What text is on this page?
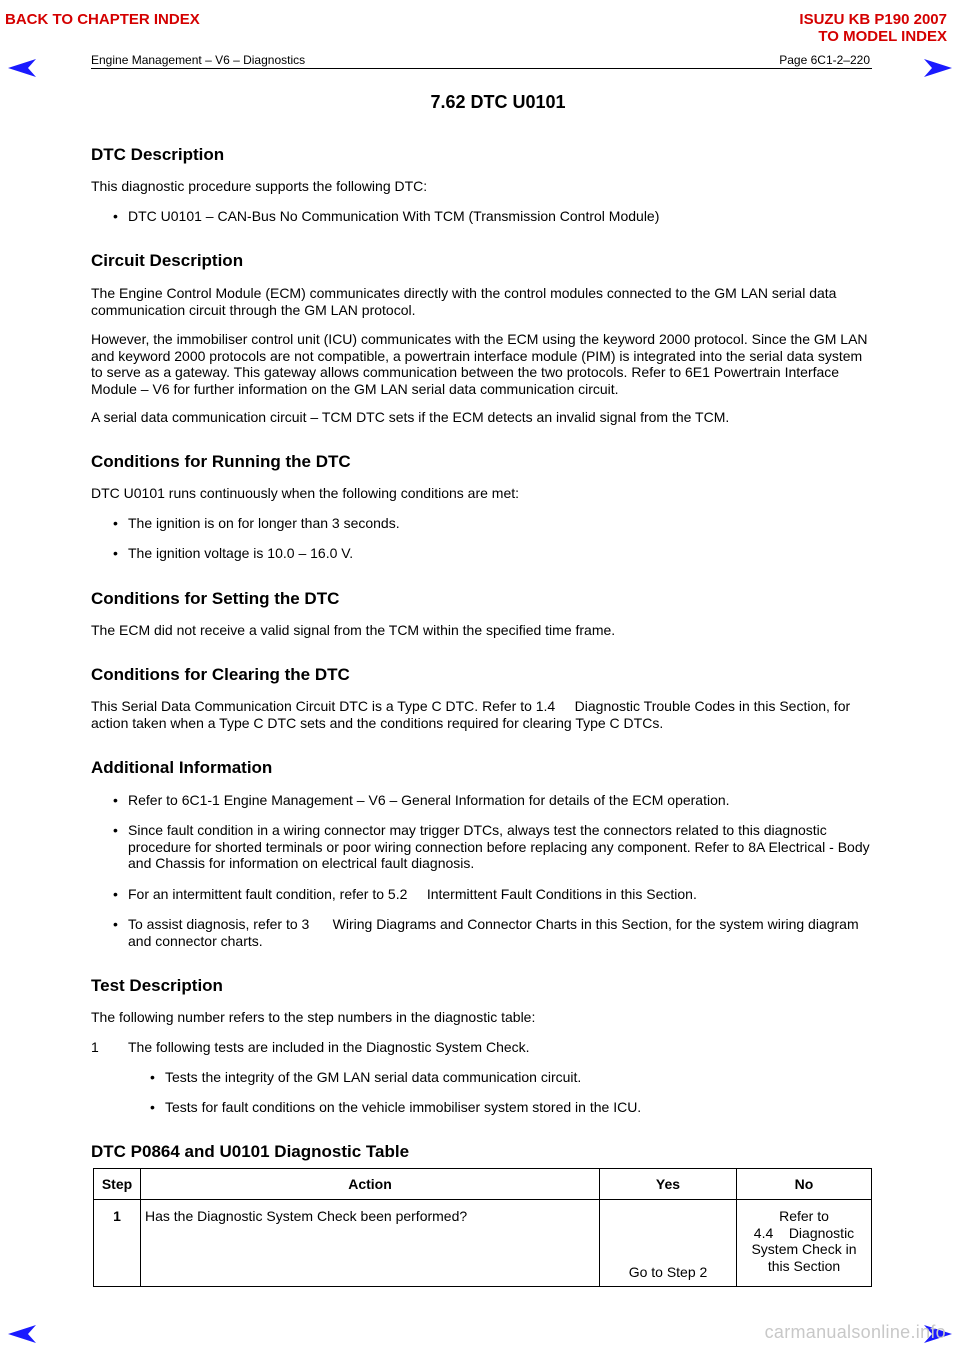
BACK TO CHAPTER INDEX	ISUZU KB P190 2007
TO MODEL INDEX
Engine Management – V6 – Diagnostics	Page 6C1-2–220
7.62 DTC U0101
DTC Description

This diagnostic procedure supports the following DTC:

• DTC U0101 – CAN-Bus No Communication With TCM (Transmission Control Module)

Circuit Description

The Engine Control Module (ECM) communicates directly with the control modules connected to the GM LAN serial data communication circuit through the GM LAN protocol.

However, the immobiliser control unit (ICU) communicates with the ECM using the keyword 2000 protocol. Since the GM LAN and keyword 2000 protocols are not compatible, a powertrain interface module (PIM) is integrated into the serial data system to serve as a gateway. This gateway allows communication between the two protocols. Refer to 6E1 Powertrain Interface Module – V6 for further information on the GM LAN serial data communication circuit.

A serial data communication circuit – TCM DTC sets if the ECM detects an invalid signal from the TCM.

Conditions for Running the DTC

DTC U0101 runs continuously when the following conditions are met:

• The ignition is on for longer than 3 seconds.

• The ignition voltage is 10.0 – 16.0 V.

Conditions for Setting the DTC

The ECM did not receive a valid signal from the TCM within the specified time frame.

Conditions for Clearing the DTC

This Serial Data Communication Circuit DTC is a Type C DTC. Refer to 1.4     Diagnostic Trouble Codes in this Section, for action taken when a Type C DTC sets and the conditions required for clearing Type C DTCs.

Additional Information
• Refer to 6C1-1 Engine Management – V6 – General Information for details of the ECM operation.

• Since fault condition in a wiring connector may trigger DTCs, always test the connectors related to this diagnostic procedure for shorted terminals or poor wiring connection before replacing any component. Refer to 8A Electrical - Body and Chassis for information on electrical fault diagnosis.

• For an intermittent fault condition, refer to 5.2     Intermittent Fault Conditions in this Section.

• To assist diagnosis, refer to 3      Wiring Diagrams and Connector Charts in this Section, for the system wiring diagram and connector charts.

Test Description

The following number refers to the step numbers in the diagnostic table:

1 The following tests are included in the Diagnostic System Check.

• Tests the integrity of the GM LAN serial data communication circuit.

• Tests for fault conditions on the vehicle immobiliser system stored in the ICU.

DTC P0864 and U0101 Diagnostic Table
Step	Action	Yes	No
1	Has the Diagnostic System Check been performed?	Go to Step 2	Refer to
4.4    Diagnostic
System Check in
this Section
carmanualsonline.info
